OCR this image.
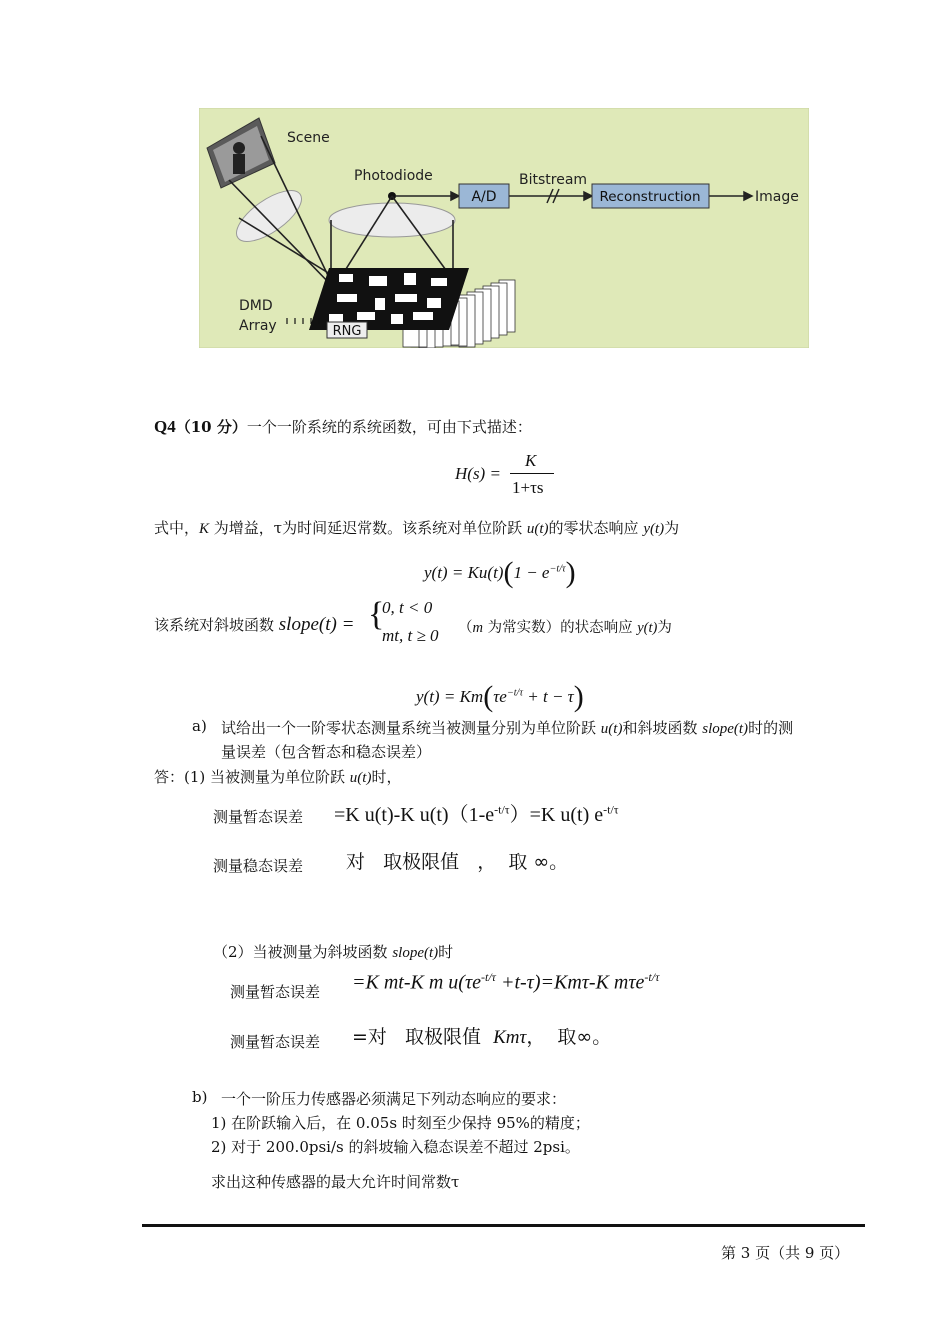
Scene
Photodiode
A/D
Bitstream
Reconstruction	Image
RNG
DMD
Array
Q4（10 分）一个一阶系统的系统函数，可由下式描述：
H(s) =
K
1+τs
式中，K 为增益，τ为时间延迟常数。该系统对单位阶跃 u(t)的零状态响应 y(t)为
$y(t) = Ku(t)(1 - e^{-t/\tau})$
该系统对斜坡函数 slope(t) = {
0, t < 0
mt, t ≥ 0 （m 为常实数）的状态响应 y(t)为
$y(t) = Km(\tau e^{-t/\tau} + t - \tau)$
a) 试给出一个一阶零状态测量系统当被测量分别为单位阶跃 u(t)和斜坡函数 slope(t)时的测
量误差（包含暂态和稳态误差）
答：(1) 当被测量为单位阶跃 u(t)时，
测量暂态误差 =K u(t)-K $u(t)(1-e^{-t/\tau})=K$ u(t) $e^{-t/\tau}$
测量稳态误差 对   取极限值   ，  取 ∞。
（2）当被测量为斜坡函数 slope(t)时
测量暂态误差 =K mt-K m $u(\tau e^{-t/\tau} +t-\tau)=Km\tau-K$ mτe$^{-t/\tau}$
测量暂态误差 =对   取极限值  Kmτ，  取∞。
b) 一个一阶压力传感器必须满足下列动态响应的要求：
1) 在阶跃输入后，在 0.05s 时刻至少保持 95%的精度；
2) 对于 200.0psi/s 的斜坡输入稳态误差不超过 2psi。
求出这种传感器的最大允许时间常数τ
第 3 页（共 9 页）
